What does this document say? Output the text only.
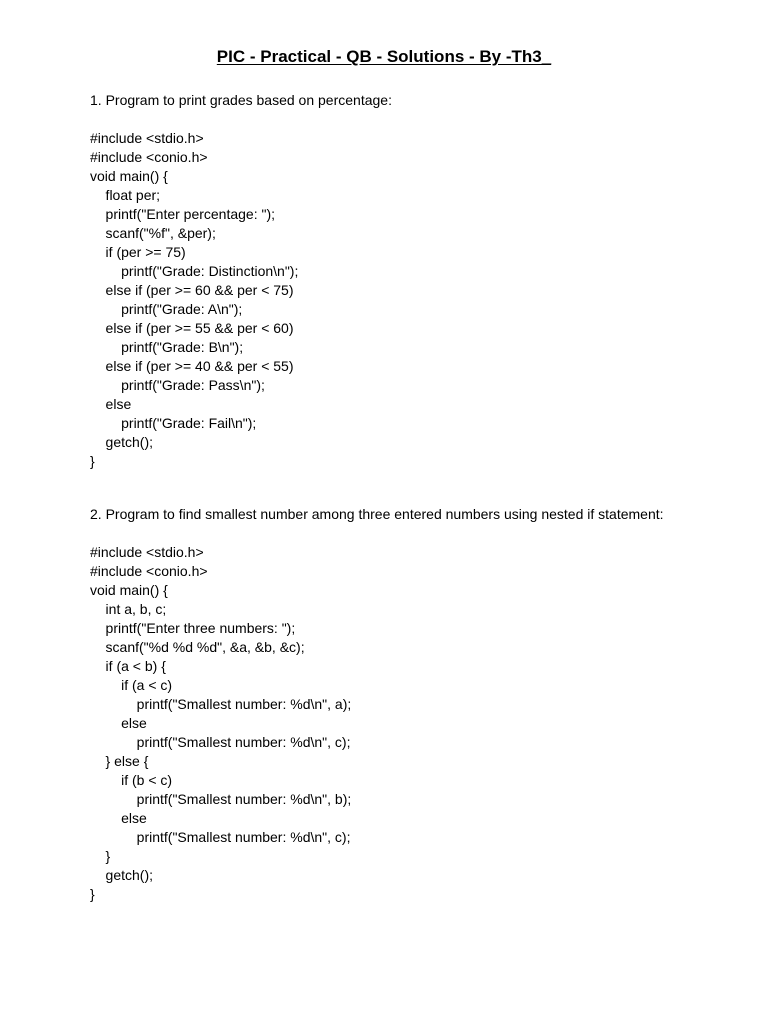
PIC - Practical - QB - Solutions - By -Th3_
1. Program to print grades based on percentage:
#include <stdio.h>
#include <conio.h>
void main() {
float per;
printf("Enter percentage: ");
scanf("%f", &per);
if (per >= 75)
printf("Grade: Distinction\n");
else if (per >= 60 && per < 75)
printf("Grade: A\n");
else if (per >= 55 && per < 60)
printf("Grade: B\n");
else if (per >= 40 && per < 55)
printf("Grade: Pass\n");
else
printf("Grade: Fail\n");
getch();
}
2. Program to find smallest number among three entered numbers using nested if statement:
#include <stdio.h>
#include <conio.h>
void main() {
int a, b, c;
printf("Enter three numbers: ");
scanf("%d %d %d", &a, &b, &c);
if (a < b) {
if (a < c)
printf("Smallest number: %d\n", a);
else
printf("Smallest number: %d\n", c);
} else {
if (b < c)
printf("Smallest number: %d\n", b);
else
printf("Smallest number: %d\n", c);
}
getch();
}
